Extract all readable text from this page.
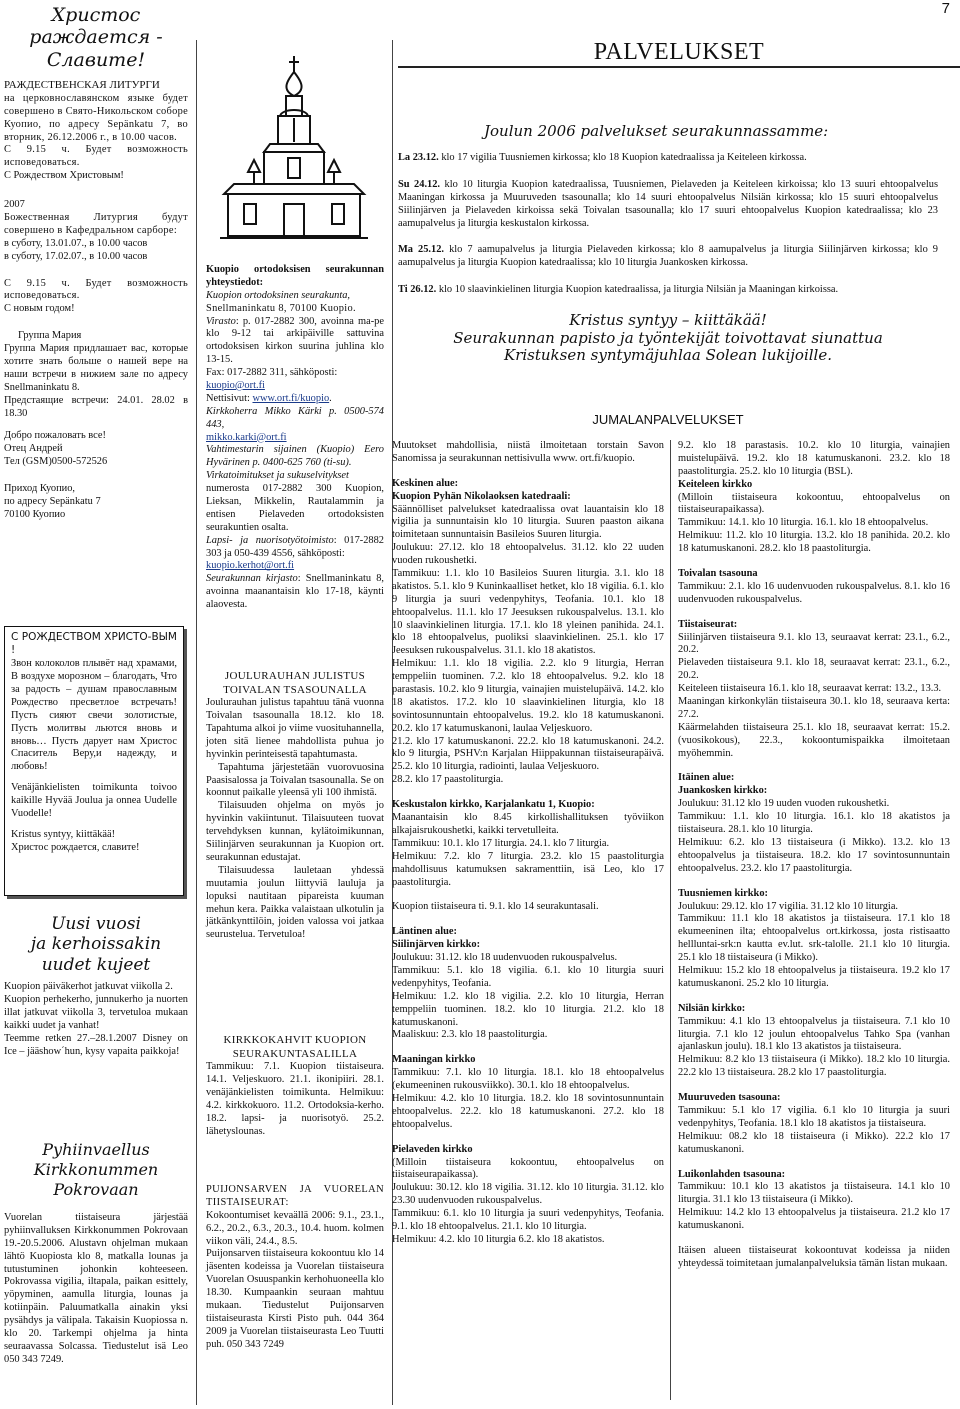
7
PALVELUKSET
Христос
раждается -
Славите!
РАЖДЕСТВЕНСКАЯ ЛИТУРГИ
на церковнославянском языке будет совершено в Свято-Никольском соборе Куопио, по адресу Sepänkatu 7, во вторник, 26.12.2006 г., в 10.00 часов.
С 9.15 ч. Будет возможность исповедоваться.
С Рождеством Христовым!
2007
Божественная Литургия будут совершено в Кафедральном сарборе:
в суботу, 13.01.07., в 10.00 часов
в суботу, 17.02.07., в 10.00 часов
С 9.15 ч. Будет возможность исповедоваться.
С новым годом!
Группа Мария
Группа Мария придлашает вас, которые хотите знать больше о нашей вере на наши встречи в нижием зале по адресу Snellmaninkatu 8.
Предстаящие встречи: 24.01. 28.02 в 18.30
Добро пожаловать все!
Отец Андрей
Тел (GSM)0500-572526
Приход Куопио,
по адресу Sepänkatu 7
70100 Куопио
С РОЖДЕСТВОМ ХРИСТО-ВЫМ !
Звон колоколов плывёт над храмами, В воздухе морозном – благодать, Что за радость – душам православным Рождество пресветлое встречать! Пусть сияют свечи золотистые, Пусть молитвы льются вновь и вновь… Пусть дарует нам Христос Спаситель Веру,и надежду, и любовь!
Venäjänkielisten toimikunta toivoo kaikille Hyvää Joulua ja onnea Uudelle Vuodelle!
Kristus syntyy, kiittäkää!
Христос рождается, славите!
Uusi vuosi
ja kerhoissakin
uudet kujeet
Kuopion päiväkerhot jatkuvat viikolla 2.
Kuopion perhekerho, junnukerho ja nuorten illat jatkuvat viikolla 3, tervetuloa mukaan kaikki uudet ja vanhat!
Teemme retken 27.–28.1.2007 Disney on Ice – jääshow´hun, kysy vapaita paikkoja!
Pyhiinvaellus
Kirkkonummen
Pokrovaan
Vuorelan tiistaiseura järjestää pyhiinvalluksen Kirkkonummen Pokrovaan 19.-20.5.2006. Alustavn ohjelman mukaan lähtö Kuopiosta klo 8, matkalla lounas ja tutustuminen johonkin kohteeseen. Pokrovassa vigilia, iltapala, paikan esittely, yöpyminen, aamulla liturgia, lounas ja kotiinpäin. Paluumatkalla ainakin yksi pysähdys ja välipala. Takaisin Kuopiossa n. klo 20. Tarkempi ohjelma ja hinta seuraavassa Solcassa. Tiedustelut isä Leo 050 343 7249.
Kuopio ortodoksisen seurakunnan yhteystiedot:
Kuopion ortodoksinen seurakunta,
Snellmaninkatu 8, 70100 Kuopio.
Virasto: p. 017-2882 300, avoinna ma-pe klo 9-12 tai arkipäiville sattuvina ortodoksisen kirkon suurina juhlina klo 13-15.
Fax: 017-2882 311, sähköposti:
kuopio@ort.fi
Nettisivut: www.ort.fi/kuopio.
Kirkkoherra Mikko Kärki p. 0500-574 443,
mikko.karki@ort.fi
Vahtimestarin sijainen (Kuopio) Eero Hyvärinen p. 0400-625 760 (ti-su).
Virkatoimitukset ja sukuselvitykset
numerosta 017-2882 300 Kuopion, Lieksan, Mikkelin, Rautalammin ja entisen Pielaveden ortodoksisten seurakuntien osalta.
Lapsi- ja nuorisotyötoimisto: 017-2882 303 ja 050-439 4556, sähköposti:
kuopio.kerhot@ort.fi
Seurakunnan kirjasto: Snellmaninkatu 8, avoinna maanantaisin klo 17-18, käynti alaovesta.
JOULURAUHAN JULISTUS TOIVALAN TSASOUNALLA
Joulurauhan julistus tapahtuu tänä vuonna Toivalan tsasounalla 18.12. klo 18. Tapahtuma alkoi jo viime vuosituhannella, joten sitä lienee mahdollista puhua jo hyvinkin perinteisestä tapahtumasta.
Tapahtuma järjestetään vuorovuosina Paasisalossa ja Toivalan tsasounalla. Se on koonnut paikalle yleensä yli 100 ihmistä.
Tilaisuuden ohjelma on myös jo hyvinkin vakiintunut. Tilaisuuteen tuovat tervehdyksen kunnan, kylätoimikunnan, Siilinjärven seurakunnan ja Kuopion ort. seurakunnan edustajat.
Tilaisuudessa lauletaan yhdessä muutamia joulun liittyviä lauluja ja lopuksi nautitaan pipareista kuuman mehun kera. Paikka valaistaan ulkotulin ja jätkänkynttilöin, joiden valossa voi jatkaa seurustelua. Tervetuloa!
KIRKKOKAHVIT KUOPION SEURAKUNTASALILLA
Tammikuu: 7.1. Kuopion tiistaiseura. 14.1. Veljeskuoro. 21.1. ikonipiiri. 28.1. venäjänkielisten toimikunta. Helmikuu: 4.2. kirkkokuoro. 11.2. Ortodoksia-kerho. 18.2. lapsi- ja nuorisotyö. 25.2. lähetyslounas.
PUIJONSARVEN JA VUORELAN TIISTAISEURAT:
Kokoontumiset kevaällä 2006: 9.1., 23.1., 6.2., 20.2., 6.3., 20.3., 10.4. huom. kolmen viikon väli, 24.4., 8.5.
Puijonsarven tiistaiseura kokoontuu klo 14 jäsenten kodeissa ja Vuorelan tiistaiseura Vuorelan Osuuspankin kerhohuoneella klo 18.30. Kumpaankin seuraan mahtuu mukaan. Tiedustelut Puijonsarven tiistaiseurasta Kirsti Pisto puh. 044 364 2009 ja Vuorelan tiistaiseurasta Leo Tuutti puh. 050 343 7249
Joulun 2006 palvelukset seurakunnassamme:
La 23.12. klo 17 vigilia Tuusniemen kirkossa; klo 18 Kuopion katedraalissa ja Keiteleen kirkossa.
Su 24.12. klo 10 liturgia Kuopion katedraalissa, Tuusniemen, Pielaveden ja Keiteleen kirkoissa; klo 13 suuri ehtoopalvelus Maaningan kirkossa ja Muuruveden tsasounalla; klo 14 suuri ehtoopalvelus Nilsiän kirkossa; klo 15 suuri ehtoopalvelus Siilinjärven ja Pielaveden kirkoissa sekä Toivalan tsasounalla; klo 17 suuri ehtoopalvelus Kuopion katedraalissa; klo 23 aamupalvelus ja liturgia keskustalon kirkossa.
Ma 25.12. klo 7 aamupalvelus ja liturgia Pielaveden kirkossa; klo 8 aamupalvelus ja liturgia Siilinjärven kirkossa; klo 9 aamupalvelus ja liturgia Kuopion katedraalissa; klo 10 liturgia Juankosken kirkossa.
Ti 26.12. klo 10 slaavinkielinen liturgia Kuopion katedraalissa, ja liturgia Nilsiän ja Maaningan kirkoissa.
Kristus syntyy – kiittäkää!
Seurakunnan papisto ja työntekijät toivottavat siunattua
Kristuksen syntymäjuhlaa Solean lukijoille.
JUMALANPALVELUKSET
Muutokset mahdollisia, niistä ilmoitetaan torstain Savon Sanomissa ja seurakunnan nettisivulla www. ort.fi/kuopio.
Keskinen alue:
Kuopion Pyhän Nikolaoksen katedraali:
Säännölliset palvelukset katedraalissa ovat lauantaisin klo 18 vigilia ja sunnuntaisin klo 10 liturgia. Suuren paaston aikana toimitetaan sunnuntaisin Basileios Suuren liturgia.
Joulukuu: 27.12. klo 18 ehtoopalvelus. 31.12. klo 22 uuden vuoden rukoushetki.
Tammikuu: 1.1. klo 10 Basileios Suuren liturgia. 3.1. klo 18 akatistos. 5.1. klo 9 Kuninkaalliset hetket, klo 18 vigilia. 6.1. klo 9 liturgia ja suuri vedenpyhitys, Teofania. 10.1. klo 18 ehtoopalvelus. 11.1. klo 17 Jeesuksen rukouspalvelus. 13.1. klo 10 slaavinkielinen liturgia. 17.1. klo 18 yleinen panihida. 24.1. klo 18 ehtoopalvelus, puoliksi slaavinkielinen. 25.1. klo 17 Jeesuksen rukouspalvelus. 31.1. klo 18 akatistos.
Helmikuu: 1.1. klo 18 vigilia. 2.2. klo 9 liturgia, Herran temppeliin tuominen. 7.2. klo 18 ehtoopalvelus. 9.2. klo 18 parastasis. 10.2. klo 9 liturgia, vainajien muistelupäivä. 14.2. klo 18 akatistos. 17.2. klo 10 slaavinkielinen liturgia, klo 18 sovintosunnuntain ehtoopalvelus. 19.2. klo 18 katumuskanoni. 20.2. klo 17 katumuskanoni, laulaa Veljeskuoro.
21.2. klo 17 katumuskanoni. 22.2. klo 18 katumuskanoni. 24.2. klo 9 liturgia, PSHV:n Karjalan Hiippakunnan tiistaiseurapäivä. 25.2. klo 10 liturgia, radiointi, laulaa Veljeskuoro.
28.2. klo 17 paastoliturgia.
Keskustalon kirkko, Karjalankatu 1, Kuopio:
Maanantaisin klo 8.45 kirkollishallituksen työviikon alkajaisrukoushetki, kaikki tervetulleita.
Tammikuu: 10.1. klo 17 liturgia. 24.1. klo 7 liturgia.
Helmikuu: 7.2. klo 7 liturgia. 23.2. klo 15 paastoliturgia mahdollisuus katumuksen sakramenttiin, isä Leo, klo 17 paastoliturgia.
Kuopion tiistaiseura ti. 9.1. klo 14 seurakuntasali.
Läntinen alue:
Siilinjärven kirkko:
Joulukuu: 31.12. klo 18 uudenvuoden rukouspalvelus.
Tammikuu: 5.1. klo 18 vigilia. 6.1. klo 10 liturgia suuri vedenpyhitys, Teofania.
Helmikuu: 1.2. klo 18 vigilia. 2.2. klo 10 liturgia, Herran temppeliin tuominen. 18.2. klo 10 liturgia. 21.2. klo 18 katumuskanoni.
Maaliskuu: 2.3. klo 18 paastoliturgia.
Maaningan kirkko
Tammikuu: 7.1. klo 10 liturgia. 18.1. klo 18 ehtoopalvelus (ekumeeninen rukousviikko). 30.1. klo 18 ehtoopalvelus.
Helmikuu: 4.2. klo 10 liturgia. 18.2. klo 18 sovintosunnuntain ehtoopalvelus. 22.2. klo 18 katumuskanoni. 27.2. klo 18 ehtoopalvelus.
Pielaveden kirkko
(Milloin tiistaiseura kokoontuu, ehtoopalvelus on tiistaiseurapaikassa).
Joulukuu: 30.12. klo 18 vigilia. 31.12. klo 10 liturgia. 31.12. klo 23.30 uudenvuoden rukouspalvelus.
Tammikuu: 6.1. klo 10 liturgia ja suuri vedenpyhitys, Teofania. 9.1. klo 18 ehtoopalvelus. 21.1. klo 10 liturgia.
Helmikuu: 4.2. klo 10 liturgia 6.2. klo 18 akatistos.
9.2. klo 18 parastasis. 10.2. klo 10 liturgia, vainajien muistelupäivä. 19.2. klo 18 katumuskanoni. 23.2. klo 18 paastoliturgia. 25.2. klo 10 liturgia (BSL).
Keiteleen kirkko
(Milloin tiistaiseura kokoontuu, ehtoopalvelus on tiistaiseurapaikassa).
Tammikuu: 14.1. klo 10 liturgia. 16.1. klo 18 ehtoopalvelus.
Helmikuu: 11.2. klo 10 liturgia. 13.2. klo 18 panihida. 20.2. klo 18 katumuskanoni. 28.2. klo 18 paastoliturgia.
Toivalan tsasouna
Tammikuu: 2.1. klo 16 uudenvuoden rukouspalvelus. 8.1. klo 16 uudenvuoden rukouspalvelus.
Tiistaiseurat:
Siilinjärven tiistaiseura 9.1. klo 13, seuraavat kerrat: 23.1., 6.2., 20.2.
Pielaveden tiistaiseura 9.1. klo 18, seuraavat kerrat: 23.1., 6.2., 20.2.
Keiteleen tiistaiseura 16.1. klo 18, seuraavat kerrat: 13.2., 13.3.
Maaningan kirkonkylän tiistaiseura 30.1. klo 18, seuraava kerta: 27.2.
Käärmelahden tiistaiseura 25.1. klo 18, seuraavat kerrat: 15.2. (vuosikokous), 22.3., kokoontumispaikka ilmoitetaan myöhemmin.
Itäinen alue:
Juankosken kirkko:
Joulukuu: 31.12 klo 19 uuden vuoden rukoushetki.
Tammikuu: 1.1. klo 10 liturgia. 16.1. klo 18 akatistos ja tiistaiseura. 28.1. klo 10 liturgia.
Helmikuu: 6.2. klo 13 tiistaiseura (i Mikko). 13.2. klo 13 ehtoopalvelus ja tiistaiseura. 18.2. klo 17 sovintosunnuntain ehtoopalvelus. 23.2. klo 17 paastoliturgia.
Tuusniemen kirkko:
Joulukuu: 29.12. klo 17 vigilia. 31.12 klo 10 liturgia.
Tammikuu: 11.1 klo 18 akatistos ja tiistaiseura. 17.1 klo 18 ekumeeninen ilta; ehtoopalvelus ort.kirkossa, josta ristisaatto hellluntai-srk:n kautta ev.lut. srk-talolle. 21.1 klo 10 liturgia. 25.1 klo 18 tiistaiseura (i Mikko).
Helmikuu: 15.2 klo 18 ehtoopalvelus ja tiistaiseura. 19.2 klo 17 katumuskanoni. 25.2 klo 10 liturgia.
Nilsiän kirkko:
Tammikuu: 4.1 klo 13 ehtoopalvelus ja tiistaiseura. 7.1 klo 10 liturgia. 7.1 klo 12 joulun ehtoopalvelus Tahko Spa (vanhan ajanlaskun joulu). 18.1 klo 13 akatistos ja tiistaiseura.
Helmikuu: 8.2 klo 13 tiistaiseura (i Mikko). 18.2 klo 10 liturgia. 22.2 klo 13 tiistaiseura. 28.2 klo 17 paastoliturgia.
Muuruveden tsasouna:
Tammikuu: 5.1 klo 17 vigilia. 6.1 klo 10 liturgia ja suuri vedenpyhitys, Teofania. 18.1 klo 18 akatistos ja tiistaiseura.
Helmikuu: 08.2 klo 18 tiistaiseura (i Mikko). 22.2 klo 17 katumuskanoni.
Luikonlahden tsasouna:
Tammikuu: 10.1 klo 13 akatistos ja tiistaiseura. 14.1 klo 10 liturgia. 31.1 klo 13 tiistaiseura (i Mikko).
Helmikuu: 14.2 klo 13 ehtoopalvelus ja tiistaiseura. 21.2 klo 17 katumuskanoni.
Itäisen alueen tiistaiseurat kokoontuvat kodeissa ja niiden yhteydessä toimitetaan jumalanpalveluksia tämän listan mukaan.
